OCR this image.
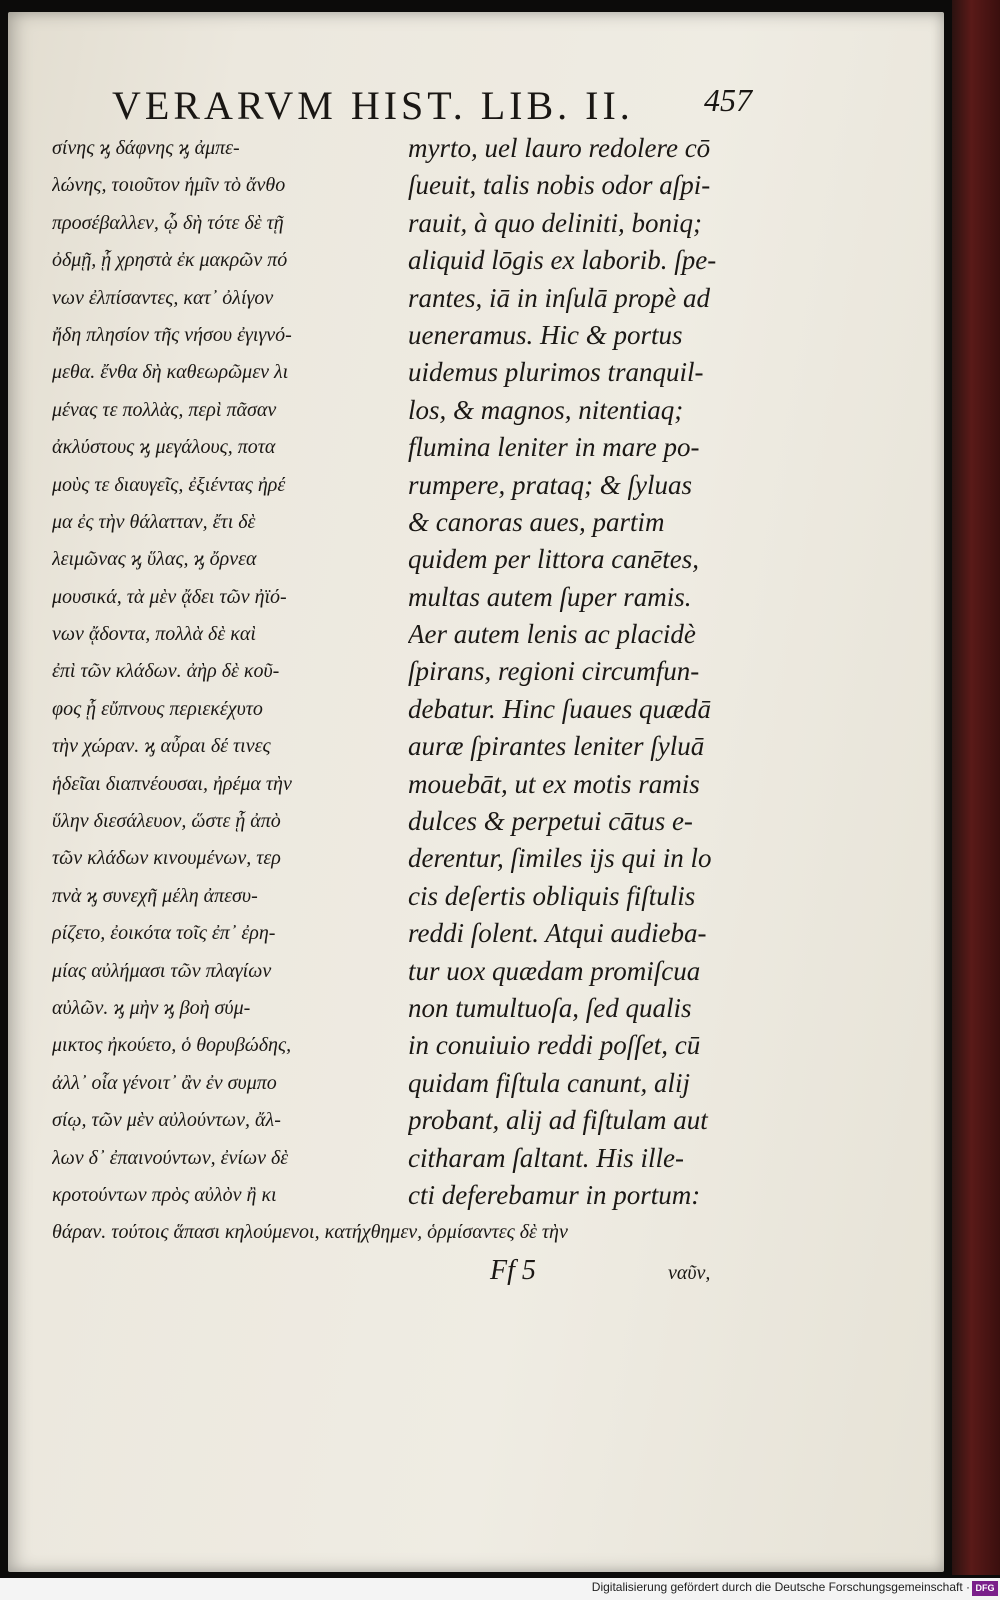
VERARVM HIST. LIB. II. 457
σίνης ϗ δάφνης ϗ ἀμπε-
λώνης, τοιοῦτον ἡμῖν τὸ ἄνθο
προσέβαλλεν, ᾧ δὴ τότε δὲ τῇ
ὀδμῇ, ᾗ χρηστὰ ἐκ μακρῶν πό
νων ἐλπίσαντες, κατ᾽ ὀλίγον
ἤδη πλησίον τῆς νήσου ἐγιγνό-
μεθα. ἔνθα δὴ καθεωρῶμεν λι
μένας τε πολλὰς, περὶ πᾶσαν
ἀκλύστους ϗ μεγάλους, ποτα
μοὺς τε διαυγεῖς, ἐξιέντας ἠρέ
μα ἐς τὴν θάλατταν, ἔτι δὲ
λειμῶνας ϗ ὕλας, ϗ ὄρνεα
μουσικά, τὰ μὲν ᾄδει τῶν ἠϊό-
νων ᾄδοντα, πολλὰ δὲ καὶ
ἐπὶ τῶν κλάδων. ἀὴρ δὲ κοῦ-
φος ᾗ εὔπνους περιεκέχυτο
τὴν χώραν. ϗ αὖραι δέ τινες
ἡδεῖαι διαπνέουσαι, ἠρέμα τὴν
ὕλην διεσάλευον, ὥστε ᾗ ἀπὸ
τῶν κλάδων κινουμένων, τερ
πνὰ ϗ συνεχῆ μέλη ἀπεσυ-
ρίζετο, ἐοικότα τοῖς ἐπ᾽ ἐρη-
μίας αὐλήμασι τῶν πλαγίων
αὐλῶν. ϗ μὴν ϗ βοὴ σύμ-
μικτος ἠκούετο, ὁ θορυβώδης,
ἀλλ᾽ οἷα γένοιτ᾽ ἂν ἐν συμπο
σίῳ, τῶν μὲν αὐλούντων, ἄλ-
λων δ᾽ ἐπαινούντων, ἐνίων δὲ
κροτούντων πρὸς αὐλὸν ἢ κι
myrto, uel lauro redolere cō
ſueuit, talis nobis odor aſpi-
rauit, à quo deliniti, boniq;
aliquid lōgis ex laborib. ſpe-
rantes, iā in inſulā propè ad
ueneramus. Hic & portus
uidemus plurimos tranquil-
los, & magnos, nitentiaq;
flumina leniter in mare po-
rumpere, prataq; & ſyluas
& canoras aues, partim
quidem per littora canētes,
multas autem ſuper ramis.
Aer autem lenis ac placidè
ſpirans, regioni circumfun-
debatur. Hinc ſuaues quædā
auræ ſpirantes leniter ſyluā
mouebāt, ut ex motis ramis
dulces & perpetui cātus e-
derentur, ſimiles ijs qui in lo
cis deſertis obliquis fiſtulis
reddi ſolent. Atqui audieba-
tur uox quædam promiſcua
non tumultuoſa, ſed qualis
in conuiuio reddi poſſet, cū
quidam fiſtula canunt, alij
probant, alij ad fiſtulam aut
citharam ſaltant. His ille-
cti deferebamur in portum:
θάραν. τούτοις ἅπασι κηλούμενοι, κατήχθημεν, ὁρμίσαντες δὲ τὴν
Ff 5	ναῦν,
Digitalisierung gefördert durch die Deutsche Forschungsgemeinschaft · DFG
